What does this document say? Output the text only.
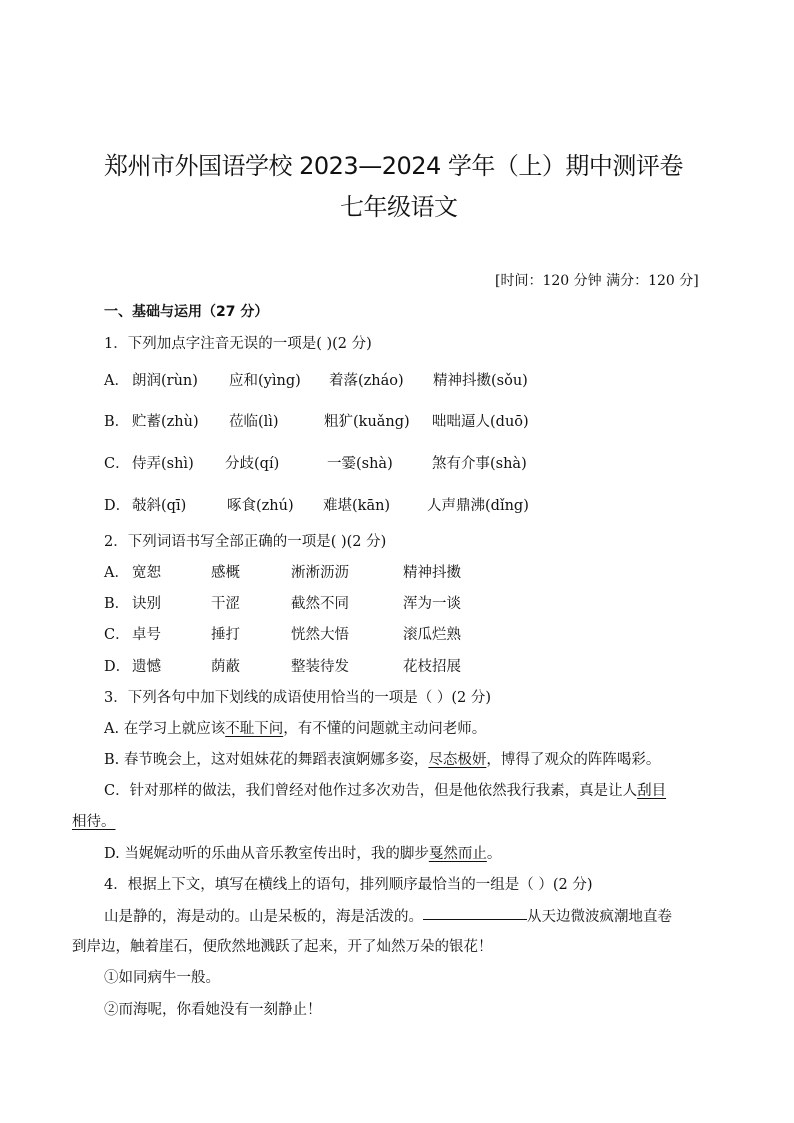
郑州市外国语学校 2023—2024 学年（上）期中测评卷
七年级语文
[时间：120 分钟 满分：120 分]
一、基础与运用（27 分）
1．下列加点字注音无误的一项是( )(2 分)
A． 朗润(rùn) 应和(yìng) 着落(zháo) 精神抖擞(sǒu)
B． 贮蓄(zhù) 莅临(lì)	粗犷(kuǎng) 咄咄逼人(duō)
C． 侍弄(shì) 分歧(qí)	一霎(shà)	煞有介事(shà)
D． 攲斜(qī)	啄食(zhú) 难堪(kān)	人声鼎沸(dǐng)
2．下列词语书写全部正确的一项是( )(2 分)
A． 宽恕	感概	淅淅沥沥	精神抖擞
B． 诀别	干涩	截然不同	浑为一谈
C． 卓号	捶打	恍然大悟	滚瓜烂熟
D． 遗憾	荫蔽	整装待发	花枝招展
3．下列各句中加下划线的成语使用恰当的一项是（ ）(2 分)
A. 在学习上就应该不耻下问，有不懂的问题就主动问老师。
B. 春节晚会上，这对姐妹花的舞蹈表演婀娜多姿，尽态极妍，博得了观众的阵阵喝彩。
C．针对那样的做法，我们曾经对他作过多次劝告，但是他依然我行我素，真是让人刮目
相待。
D. 当娓娓动听的乐曲从音乐教室传出时，我的脚步戛然而止。
4．根据上下文，填写在横线上的语句，排列顺序最恰当的一组是（ ）(2 分)
山是静的，海是动的。山是呆板的，海是活泼的。	从天边微波疯潮地直卷
到岸边，触着崖石，便欣然地溅跃了起来，开了灿然万朵的银花！
①如同病牛一般。
②而海呢，你看她没有一刻静止！
